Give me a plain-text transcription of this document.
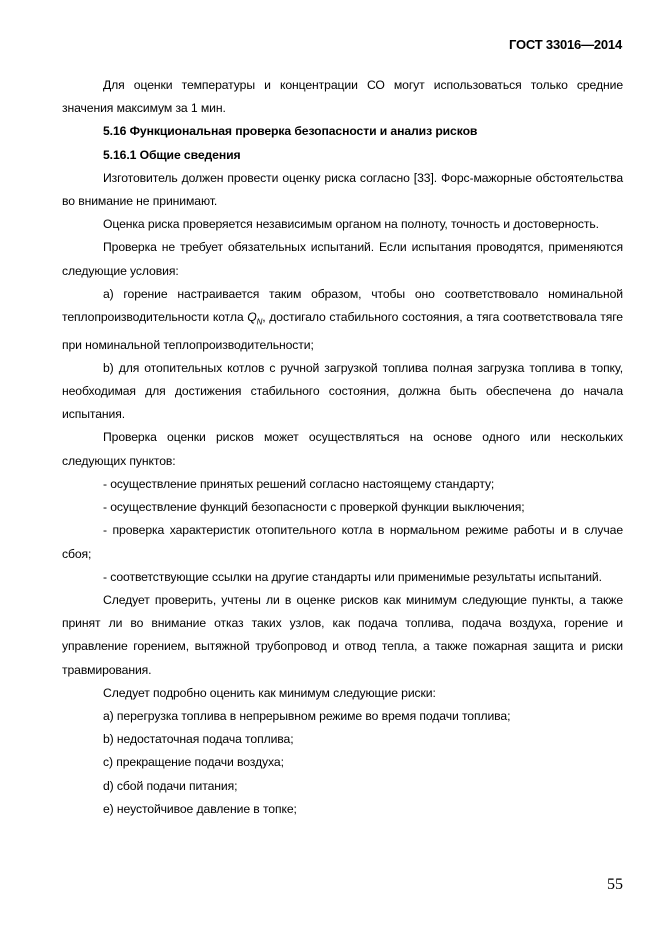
ГОСТ 33016—2014

Для оценки температуры и концентрации СО могут использоваться только средние значения максимум за 1 мин.

5.16 Функциональная проверка безопасности и анализ рисков

5.16.1 Общие сведения

Изготовитель должен провести оценку риска согласно [33]. Форс-мажорные обстоятельства во внимание не принимают.

Оценка риска проверяется независимым органом на полноту, точность и достоверность.

Проверка не требует обязательных испытаний. Если испытания проводятся, применяются следующие условия:

a) горение настраивается таким образом, чтобы оно соответствовало номинальной теплопроизводительности котла $Q_N$, достигало стабильного состояния, а тяга соответствовала тяге при номинальной теплопроизводительности;

b) для отопительных котлов с ручной загрузкой топлива полная загрузка топлива в топку, необходимая для достижения стабильного состояния, должна быть обеспечена до начала испытания.

Проверка оценки рисков может осуществляться на основе одного или нескольких следующих пунктов:

- осуществление принятых решений согласно настоящему стандарту;

- осуществление функций безопасности с проверкой функции выключения;

- проверка характеристик отопительного котла в нормальном режиме работы и в случае сбоя;

- соответствующие ссылки на другие стандарты или применимые результаты испытаний.

Следует проверить, учтены ли в оценке рисков как минимум следующие пункты, а также принят ли во внимание отказ таких узлов, как подача топлива, подача воздуха, горение и управление горением, вытяжной трубопровод и отвод тепла, а также пожарная защита и риски травмирования.

Следует подробно оценить как минимум следующие риски:

a) перегрузка топлива в непрерывном режиме во время подачи топлива;

b) недостаточная подача топлива;

c) прекращение подачи воздуха;

d) сбой подачи питания;

e) неустойчивое давление в топке;

55
